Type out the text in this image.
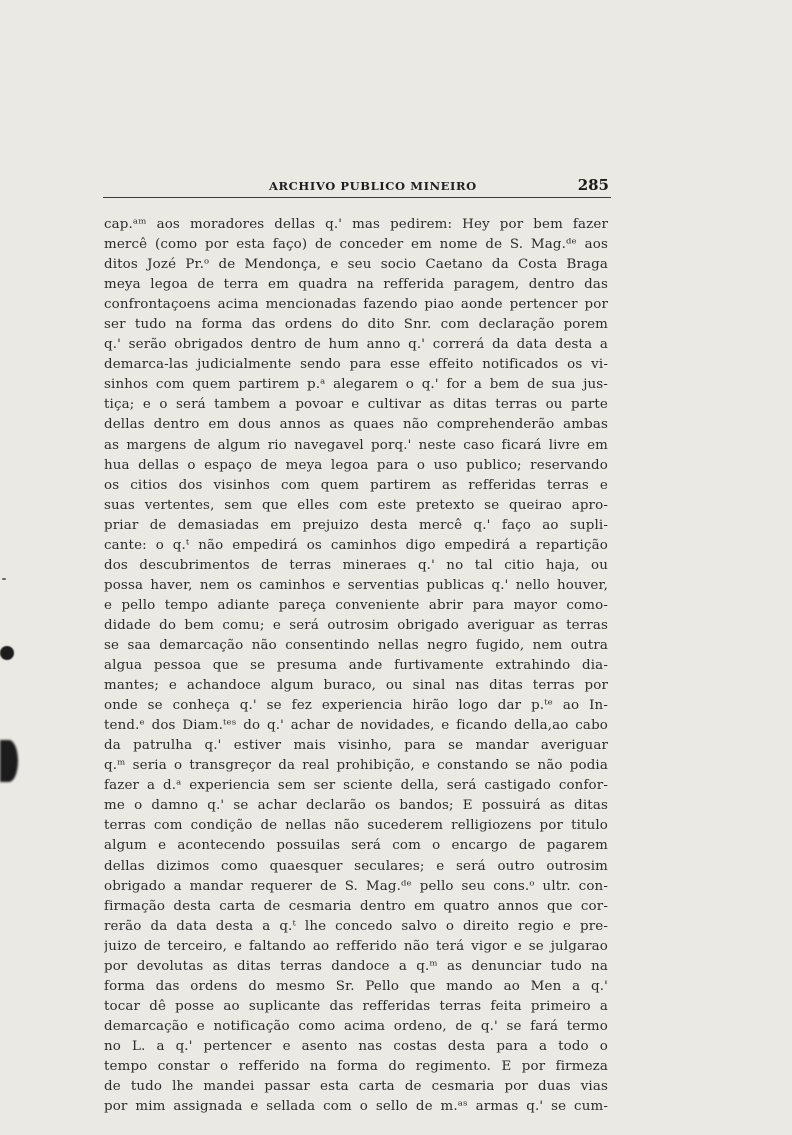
ARCHIVO PUBLICO MINEIRO	285
cap.ᵃᵐ aos moradores dellas q.' mas pedirem: Hey por bem fazer
mercê (como por esta faço) de conceder em nome de S. Mag.ᵈᵉ aos
ditos Jozé Pr.ᵒ de Mendonça, e seu socio Caetano da Costa Braga
meya legoa de terra em quadra na refferida paragem, dentro das
confrontaçoens acima mencionadas fazendo piao aonde pertencer por
ser tudo na forma das ordens do dito Snr. com declaração porem
q.' serão obrigados dentro de hum anno q.' correrá da data desta a
demarca-las judicialmente sendo para esse effeito notificados os vi-
sinhos com quem partirem p.ᵃ alegarem o q.' for a bem de sua jus-
tiça; e o será tambem a povoar e cultivar as ditas terras ou parte
dellas dentro em dous annos as quaes não comprehenderão ambas
as margens de algum rio navegavel porq.' neste caso ficará livre em
hua dellas o espaço de meya legoa para o uso publico; reservando
os citios dos visinhos com quem partirem as refferidas terras e
suas vertentes, sem que elles com este pretexto se queirao apro-
priar de demasiadas em prejuizo desta mercê q.' faço ao supli-
cante: o q.ᵗ não empedirá os caminhos digo empedirá a repartição
dos descubrimentos de terras mineraes q.' no tal citio haja, ou
possa haver, nem os caminhos e serventias publicas q.' nello houver,
e pello tempo adiante pareça conveniente abrir para mayor como-
didade do bem comu; e será outrosim obrigado averiguar as terras
se saa demarcação não consentindo nellas negro fugido, nem outra
algua pessoa que se presuma ande furtivamente extrahindo dia-
mantes; e achandoce algum buraco, ou sinal nas ditas terras por
onde se conheça q.' se fez experiencia hirão logo dar p.ᵗᵉ ao In-
tend.ᵉ dos Diam.ᵗᵉˢ do q.' achar de novidades, e ficando della,ao cabo
da patrulha q.' estiver mais visinho, para se mandar averiguar
q.ᵐ seria o transgreçor da real prohibição, e constando se não podia
fazer a d.ᵃ experiencia sem ser sciente della, será castigado confor-
me o damno q.' se achar declarão os bandos; E possuirá as ditas
terras com condição de nellas não sucederem relligiozens por titulo
algum e acontecendo possuilas será com o encargo de pagarem
dellas dizimos como quaesquer seculares; e será outro outrosim
obrigado a mandar requerer de S. Mag.ᵈᵉ pello seu cons.ᵒ ultr. con-
firmação desta carta de cesmaria dentro em quatro annos que cor-
rerão da data desta a q.ᵗ lhe concedo salvo o direito regio e pre-
juizo de terceiro, e faltando ao refferido não terá vigor e se julgarao
por devolutas as ditas terras dandoce a q.ᵐ as denunciar tudo na
forma das ordens do mesmo Sr. Pello que mando ao Men a q.'
tocar dê posse ao suplicante das refferidas terras feita primeiro a
demarcação e notificação como acima ordeno, de q.' se fará termo
no L. a q.' pertencer e asento nas costas desta para a todo o
tempo constar o refferido na forma do regimento. E por firmeza
de tudo lhe mandei passar esta carta de cesmaria por duas vias
por mim assignada e sellada com o sello de m.ᵃˢ armas q.' se cum-
